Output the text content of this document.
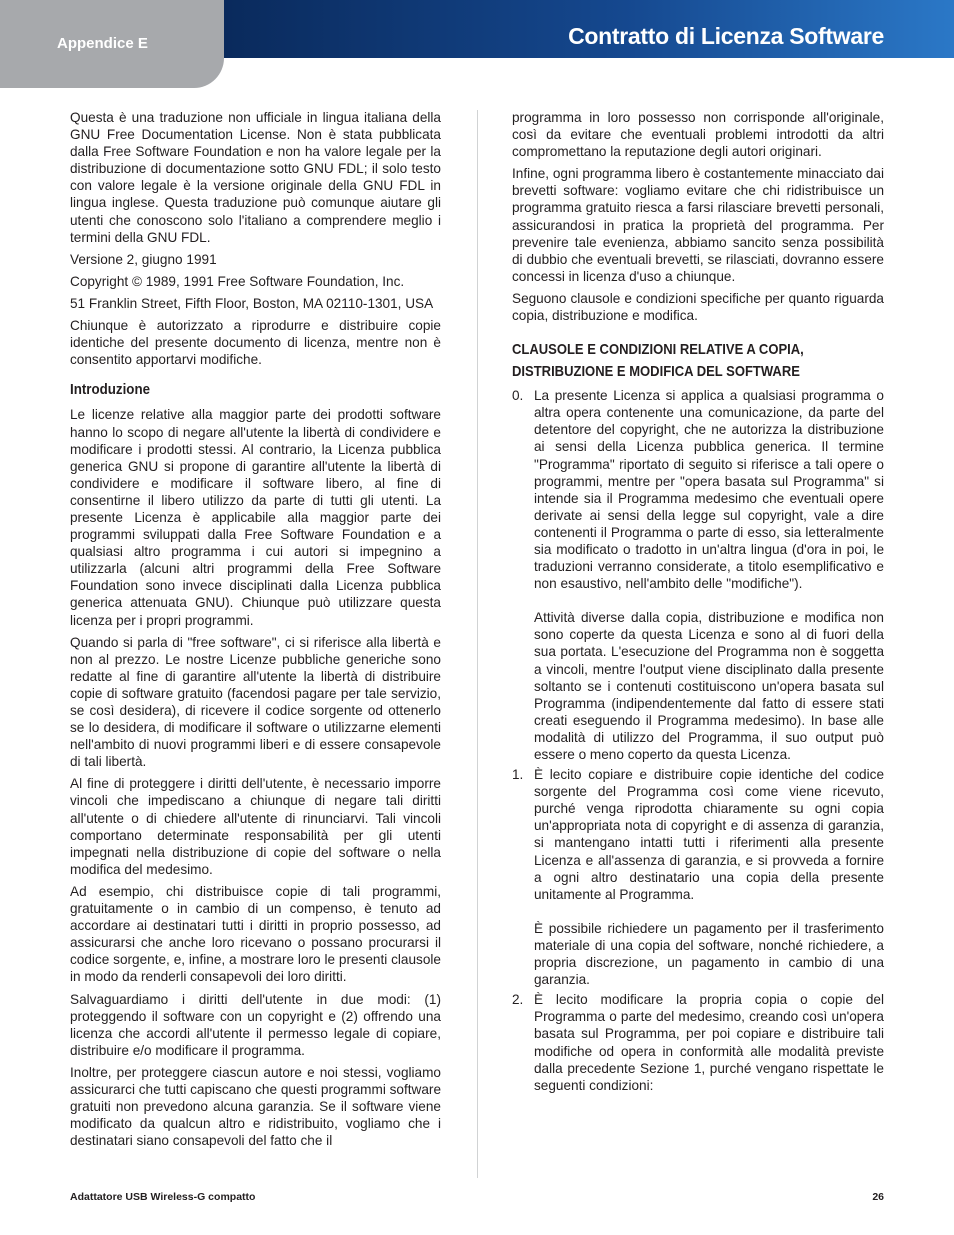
Appendice E	Contratto di Licenza Software

Questa è una traduzione non ufficiale in lingua italiana della GNU Free Documentation License. Non è stata pubblicata dalla Free Software Foundation e non ha valore legale per la distribuzione di documentazione sotto GNU FDL; il solo testo con valore legale è la versione originale della GNU FDL in lingua inglese. Questa traduzione può comunque aiutare gli utenti che conoscono solo l'italiano a comprendere meglio i termini della GNU FDL.

Versione 2, giugno 1991

Copyright © 1989, 1991 Free Software Foundation, Inc.

51 Franklin Street, Fifth Floor, Boston, MA 02110-1301, USA

Chiunque è autorizzato a riprodurre e distribuire copie identiche del presente documento di licenza, mentre non è consentito apportarvi modifiche.

Introduzione

Le licenze relative alla maggior parte dei prodotti software hanno lo scopo di negare all'utente la libertà di condividere e modificare i prodotti stessi. Al contrario, la Licenza pubblica generica GNU si propone di garantire all'utente la libertà di condividere e modificare il software libero, al fine di consentirne il libero utilizzo da parte di tutti gli utenti. La presente Licenza è applicabile alla maggior parte dei programmi sviluppati dalla Free Software Foundation e a qualsiasi altro programma i cui autori si impegnino a utilizzarla (alcuni altri programmi della Free Software Foundation sono invece disciplinati dalla Licenza pubblica generica attenuata GNU). Chiunque può utilizzare questa licenza per i propri programmi.

Quando si parla di "free software", ci si riferisce alla libertà e non al prezzo. Le nostre Licenze pubbliche generiche sono redatte al fine di garantire all'utente la libertà di distribuire copie di software gratuito (facendosi pagare per tale servizio, se così desidera), di ricevere il codice sorgente od ottenerlo se lo desidera, di modificare il software o utilizzarne elementi nell'ambito di nuovi programmi liberi e di essere consapevole di tali libertà.

Al fine di proteggere i diritti dell'utente, è necessario imporre vincoli che impediscano a chiunque di negare tali diritti all'utente o di chiedere all'utente di rinunciarvi. Tali vincoli comportano determinate responsabilità per gli utenti impegnati nella distribuzione di copie del software o nella modifica del medesimo.

Ad esempio, chi distribuisce copie di tali programmi, gratuitamente o in cambio di un compenso, è tenuto ad accordare ai destinatari tutti i diritti in proprio possesso, ad assicurarsi che anche loro ricevano o possano procurarsi il codice sorgente, e, infine, a mostrare loro le presenti clausole in modo da renderli consapevoli dei loro diritti.

Salvaguardiamo i diritti dell'utente in due modi: (1) proteggendo il software con un copyright e (2) offrendo una licenza che accordi all'utente il permesso legale di copiare, distribuire e/o modificare il programma.

Inoltre, per proteggere ciascun autore e noi stessi, vogliamo assicurarci che tutti capiscano che questi programmi software gratuiti non prevedono alcuna garanzia. Se il software viene modificato da qualcun altro e ridistribuito, vogliamo che i destinatari siano consapevoli del fatto che il

programma in loro possesso non corrisponde all'originale, così da evitare che eventuali problemi introdotti da altri compromettano la reputazione degli autori originari.

Infine, ogni programma libero è costantemente minacciato dai brevetti software: vogliamo evitare che chi ridistribuisce un programma gratuito riesca a farsi rilasciare brevetti personali, assicurandosi in pratica la proprietà del programma. Per prevenire tale evenienza, abbiamo sancito senza possibilità di dubbio che eventuali brevetti, se rilasciati, dovranno essere concessi in licenza d'uso a chiunque.

Seguono clausole e condizioni specifiche per quanto riguarda copia, distribuzione e modifica.

CLAUSOLE E CONDIZIONI RELATIVE A COPIA, DISTRIBUZIONE E MODIFICA DEL SOFTWARE
0. La presente Licenza si applica a qualsiasi programma o altra opera contenente una comunicazione, da parte del detentore del copyright, che ne autorizza la distribuzione ai sensi della Licenza pubblica generica. Il termine "Programma" riportato di seguito si riferisce a tali opere o programmi, mentre per "opera basata sul Programma" si intende sia il Programma medesimo che eventuali opere derivate ai sensi della legge sul copyright, vale a dire contenenti il Programma o parte di esso, sia letteralmente sia modificato o tradotto in un'altra lingua (d'ora in poi, le traduzioni verranno considerate, a titolo esemplificativo e non esaustivo, nell'ambito delle "modifiche").

Attività diverse dalla copia, distribuzione e modifica non sono coperte da questa Licenza e sono al di fuori della sua portata. L'esecuzione del Programma non è soggetta a vincoli, mentre l'output viene disciplinato dalla presente soltanto se i contenuti costituiscono un'opera basata sul Programma (indipendentemente dal fatto di essere stati creati eseguendo il Programma medesimo). In base alle modalità di utilizzo del Programma, il suo output può essere o meno coperto da questa Licenza.

1. È lecito copiare e distribuire copie identiche del codice sorgente del Programma così come viene ricevuto, purché venga riprodotta chiaramente su ogni copia un'appropriata nota di copyright e di assenza di garanzia, si mantengano intatti tutti i riferimenti alla presente Licenza e all'assenza di garanzia, e si provveda a fornire a ogni altro destinatario una copia della presente unitamente al Programma.

È possibile richiedere un pagamento per il trasferimento materiale di una copia del software, nonché richiedere, a propria discrezione, un pagamento in cambio di una garanzia.

2. È lecito modificare la propria copia o copie del Programma o parte del medesimo, creando così un'opera basata sul Programma, per poi copiare e distribuire tali modifiche od opera in conformità alle modalità previste dalla precedente Sezione 1, purché vengano rispettate le seguenti condizioni:

Adattatore USB Wireless-G compatto	26
